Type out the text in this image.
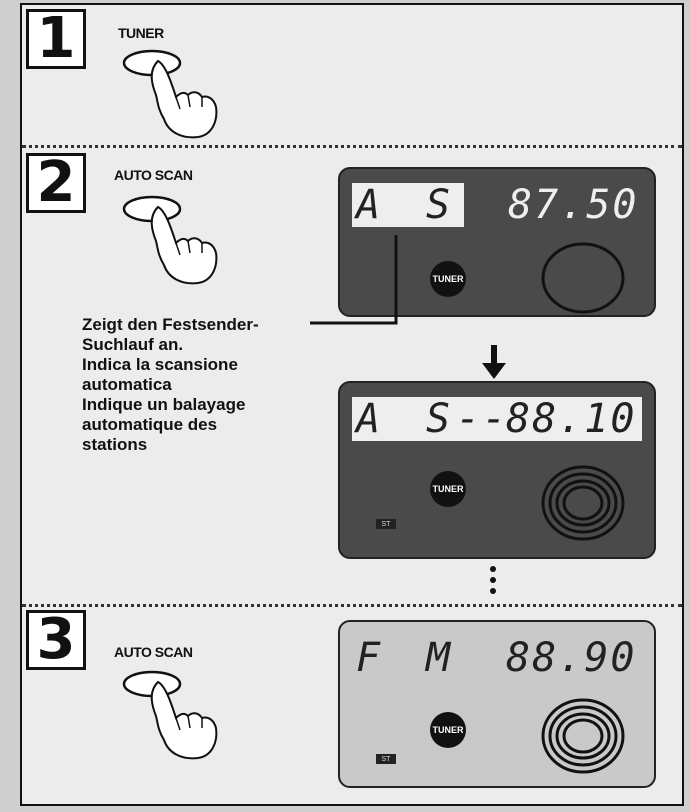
1	TUNER
2	AUTO SCAN
A S 87.50
TUNER
Zeigt den Festsender-
Suchlauf an.
Indica la scansione
automatica
Indique un balayage
automatique des
stations
A S --
88.10
TUNER
ST
3	AUTO SCAN	F M 88.90
TUNER
ST
